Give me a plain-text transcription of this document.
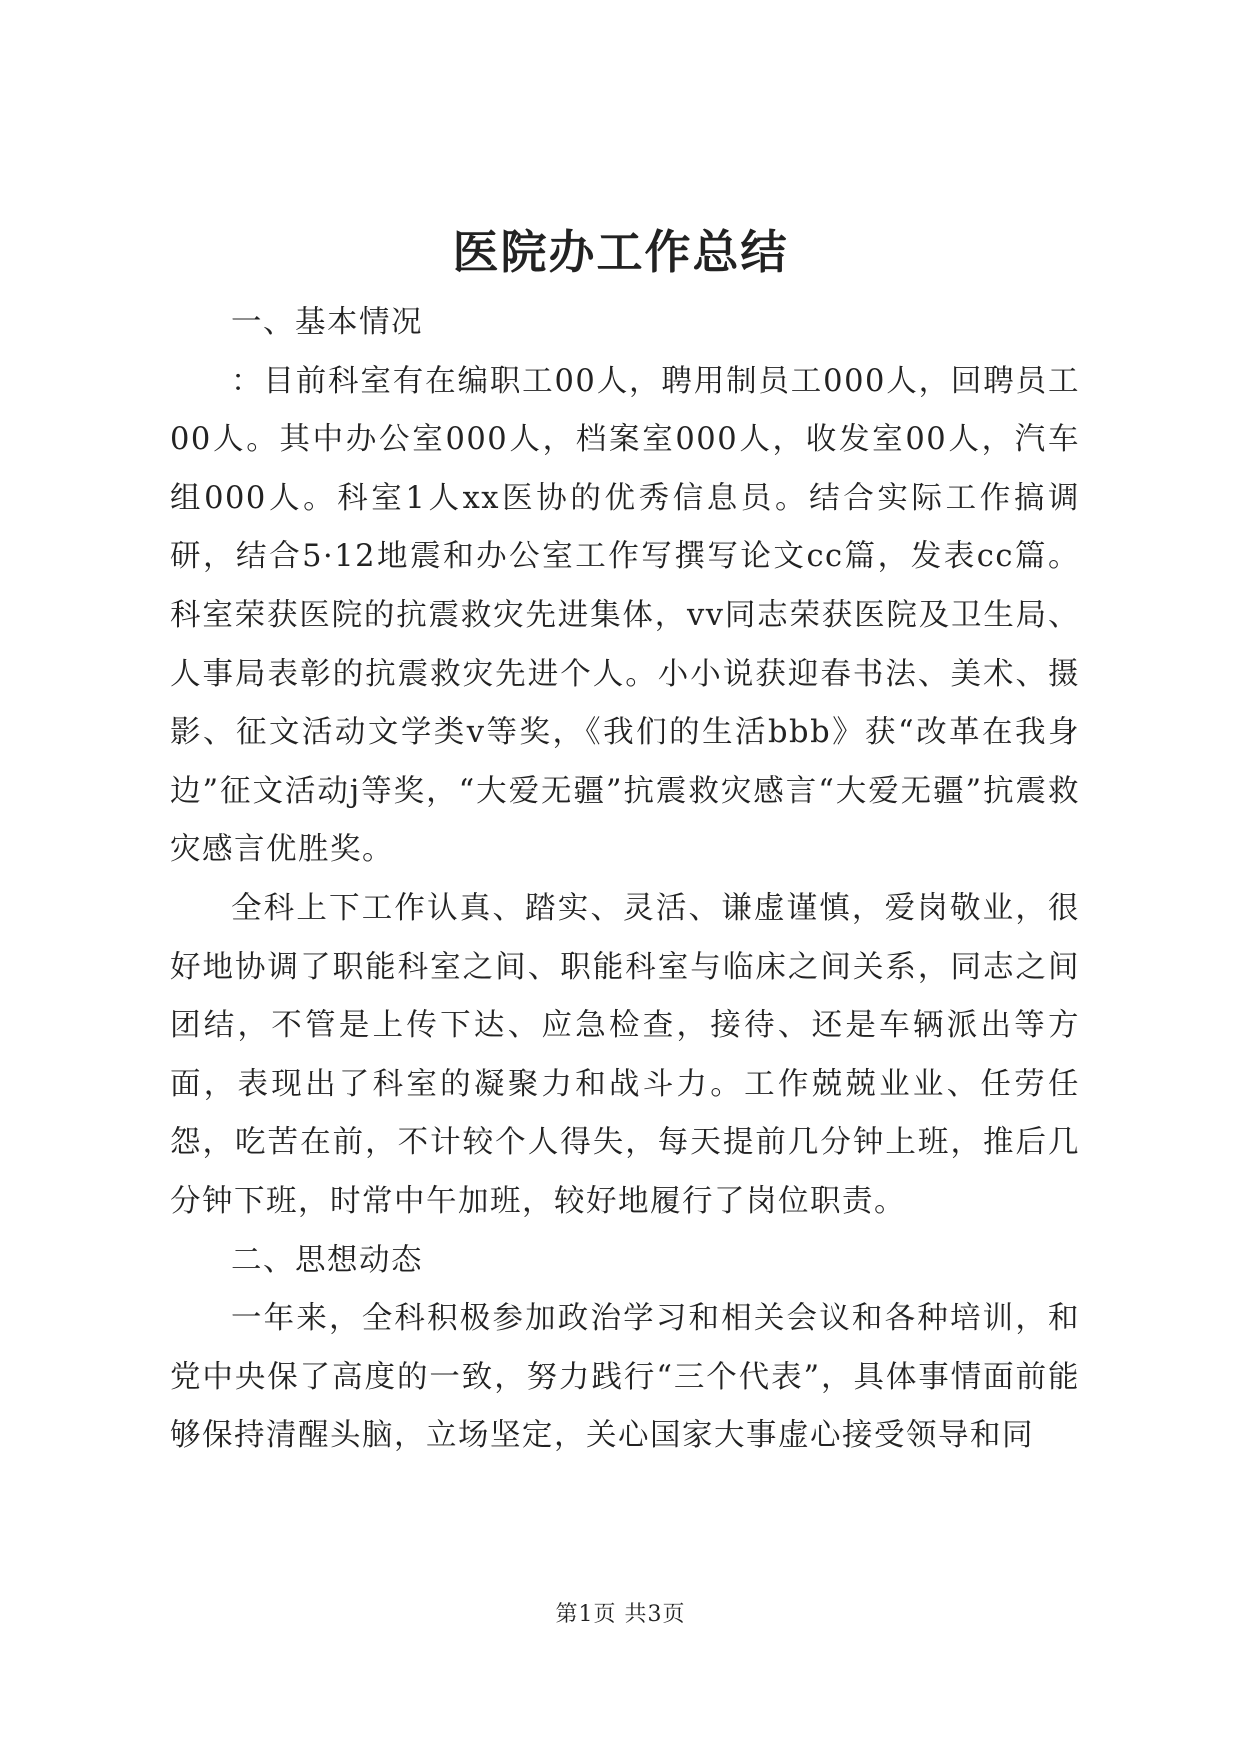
医院办工作总结

一、基本情况

：目前科室有在编职工00人，聘用制员工000人，回聘员工00人。其中办公室000人，档案室000人，收发室00人，汽车组000人。科室1人xx医协的优秀信息员。结合实际工作搞调研，结合5·12地震和办公室工作写撰写论文cc篇，发表cc篇。科室荣获医院的抗震救灾先进集体，vv同志荣获医院及卫生局、人事局表彰的抗震救灾先进个人。小小说获迎春书法、美术、摄影、征文活动文学类v等奖，《我们的生活bbb》获“改革在我身边”征文活动j等奖，“大爱无疆”抗震救灾感言“大爱无疆”抗震救灾感言优胜奖。

全科上下工作认真、踏实、灵活、谦虚谨慎，爱岗敬业，很好地协调了职能科室之间、职能科室与临床之间关系，同志之间团结，不管是上传下达、应急检查，接待、还是车辆派出等方面，表现出了科室的凝聚力和战斗力。工作兢兢业业、任劳任怨，吃苦在前，不计较个人得失，每天提前几分钟上班，推后几分钟下班，时常中午加班，较好地履行了岗位职责。

二、思想动态

一年来，全科积极参加政治学习和相关会议和各种培训，和党中央保了高度的一致，努力践行“三个代表”，具体事情面前能够保持清醒头脑，立场坚定，关心国家大事虚心接受领导和同

第1页 共3页
